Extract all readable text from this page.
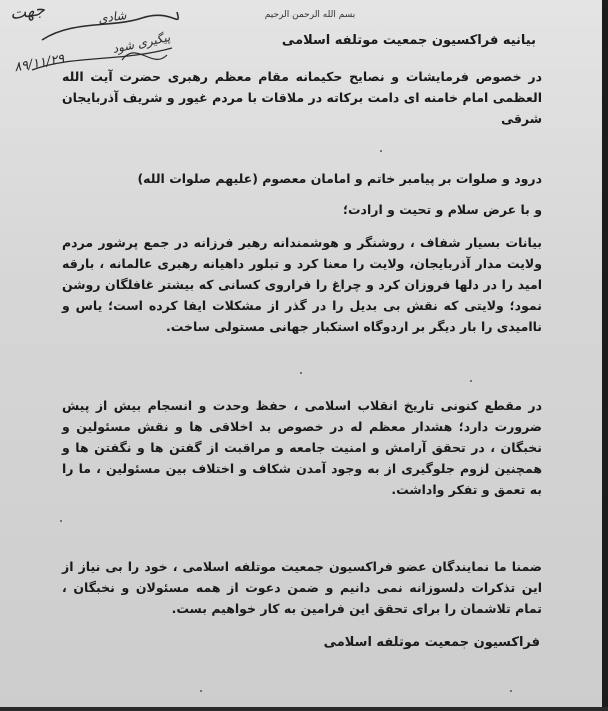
جهت	شادی
۸۹/۱۱/۲۹
پیگیری شود
بسم الله الرحمن الرحیم
بیانیه فراکسیون جمعیت موتلفه اسلامی
در خصوص فرمایشات و نصایح حکیمانه مقام معظم رهبری حضرت آیت الله العظمی امام خامنه ای دامت برکاته در ملاقات با مردم غیور و شریف آذربایجان شرقی
درود و صلوات بر پیامبر خاتم و امامان معصوم (علیهم صلوات الله)
و با عرض سلام و تحیت و ارادت؛
بیانات بسیار شفاف ، روشنگر و هوشمندانه رهبر فرزانه در جمع پرشور مردم ولایت مدار آذربایجان، ولایت را معنا کرد و تبلور داهیانه رهبری عالمانه ، بارقه امید را در دلها فروزان کرد و چراغ را فراروی کسانی که بیشتر غافلگان روشن نمود؛ ولایتی که نقش بی بدیل را در گذر از مشکلات ایفا کرده است؛ یاس و ناامیدی را بار دیگر بر اردوگاه استکبار جهانی مستولی ساخت.
در مقطع کنونی تاریخ انقلاب اسلامی ، حفظ وحدت و انسجام بیش از پیش ضرورت دارد؛ هشدار معظم له در خصوص بد اخلاقی ها و نقش مسئولین و نخبگان ، در تحقق آرامش و امنیت جامعه و مراقبت از گفتن ها و نگفتن ها و همچنین لزوم جلوگیری از به وجود آمدن شکاف و اختلاف بین مسئولین ، ما را به تعمق و تفکر واداشت.
ضمنا ما نمایندگان عضو فراکسیون جمعیت موتلفه اسلامی ، خود را بی نیاز از این تذکرات دلسوزانه نمی دانیم و ضمن دعوت از همه مسئولان و نخبگان ، تمام تلاشمان را برای تحقق این فرامین به کار خواهیم بست.
فراکسیون جمعیت موتلفه اسلامی
